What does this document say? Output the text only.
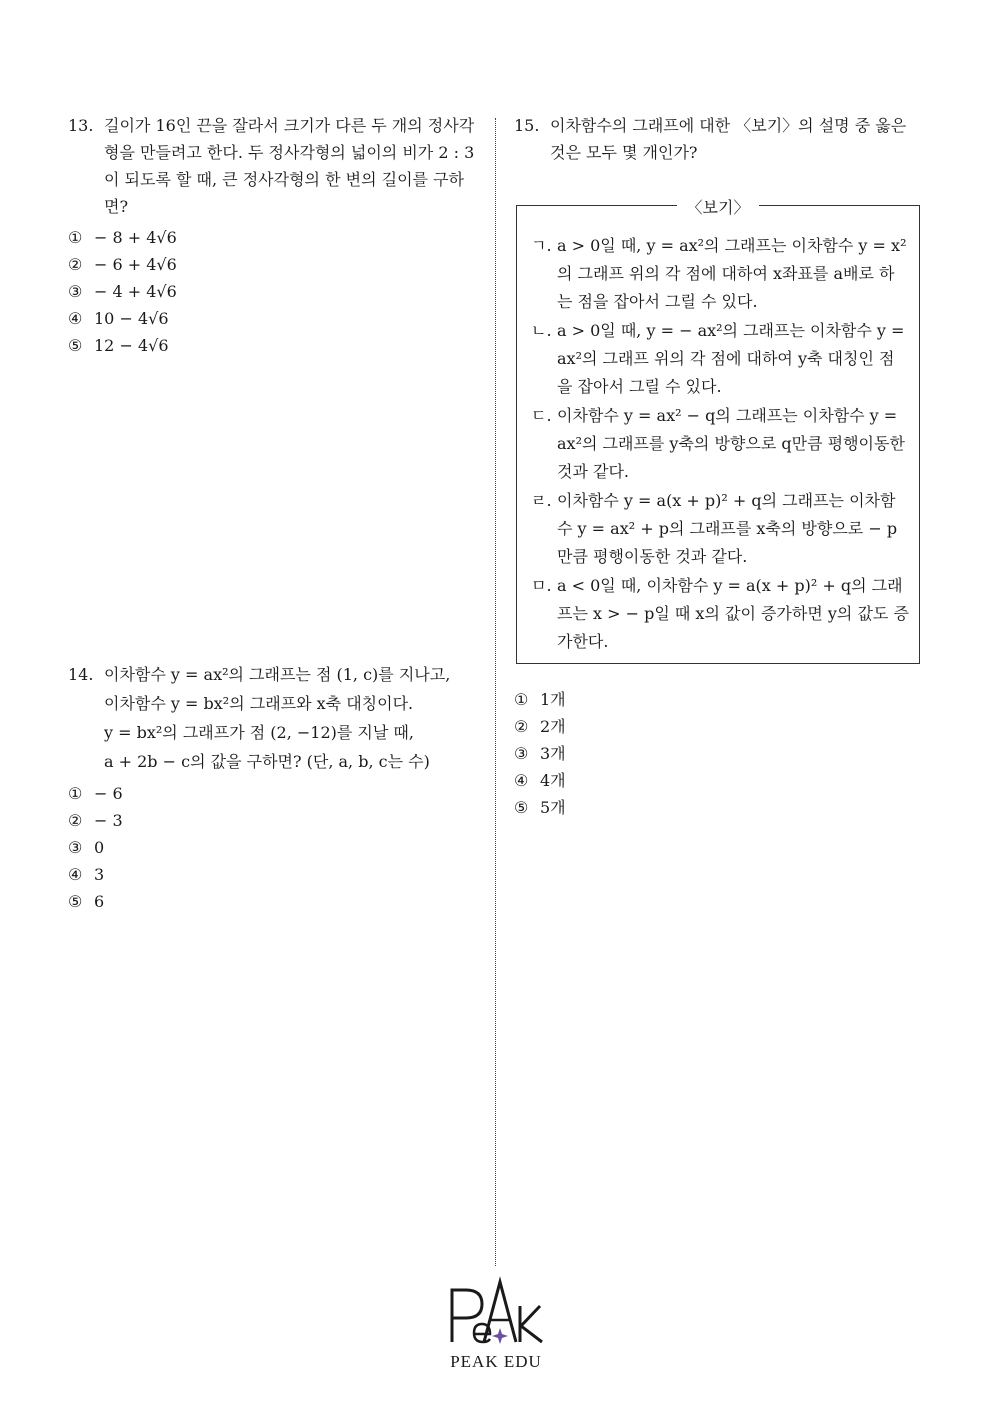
13. 길이가 16인 끈을 잘라서 크기가 다른 두 개의 정사각형을 만들려고 한다. 두 정사각형의 넓이의 비가 2 : 3이 되도록 할 때, 큰 정사각형의 한 변의 길이를 구하면?
① − 8 + 4√6
② − 6 + 4√6
③ − 4 + 4√6
④ 10 − 4√6
⑤ 12 − 4√6
14. 이차함수 y = ax²의 그래프는 점 (1, c)를 지나고,
이차함수 y = bx²의 그래프와 x축 대칭이다.
y = bx²의 그래프가 점 (2, −12)를 지날 때,
a + 2b − c의 값을 구하면? (단, a, b, c는 수)
① − 6
② − 3
③ 0
④ 3
⑤ 6
15. 이차함수의 그래프에 대한 〈보기〉의 설명 중 옳은 것은 모두 몇 개인가?
〈보기〉
ㄱ. a > 0일 때, y = ax²의 그래프는 이차함수 y = x²의 그래프 위의 각 점에 대하여 x좌표를 a배로 하는 점을 잡아서 그릴 수 있다.
ㄴ. a > 0일 때, y = − ax²의 그래프는 이차함수 y = ax²의 그래프 위의 각 점에 대하여 y축 대칭인 점을 잡아서 그릴 수 있다.
ㄷ. 이차함수 y = ax² − q의 그래프는 이차함수 y = ax²의 그래프를 y축의 방향으로 q만큼 평행이동한 것과 같다.
ㄹ. 이차함수 y = a(x + p)² + q의 그래프는 이차함수 y = ax² + p의 그래프를 x축의 방향으로 − p만큼 평행이동한 것과 같다.
ㅁ. a < 0일 때, 이차함수 y = a(x + p)² + q의 그래프는 x > − p일 때 x의 값이 증가하면 y의 값도 증가한다.
① 1개
② 2개
③ 3개
④ 4개
⑤ 5개
PEAK EDU
